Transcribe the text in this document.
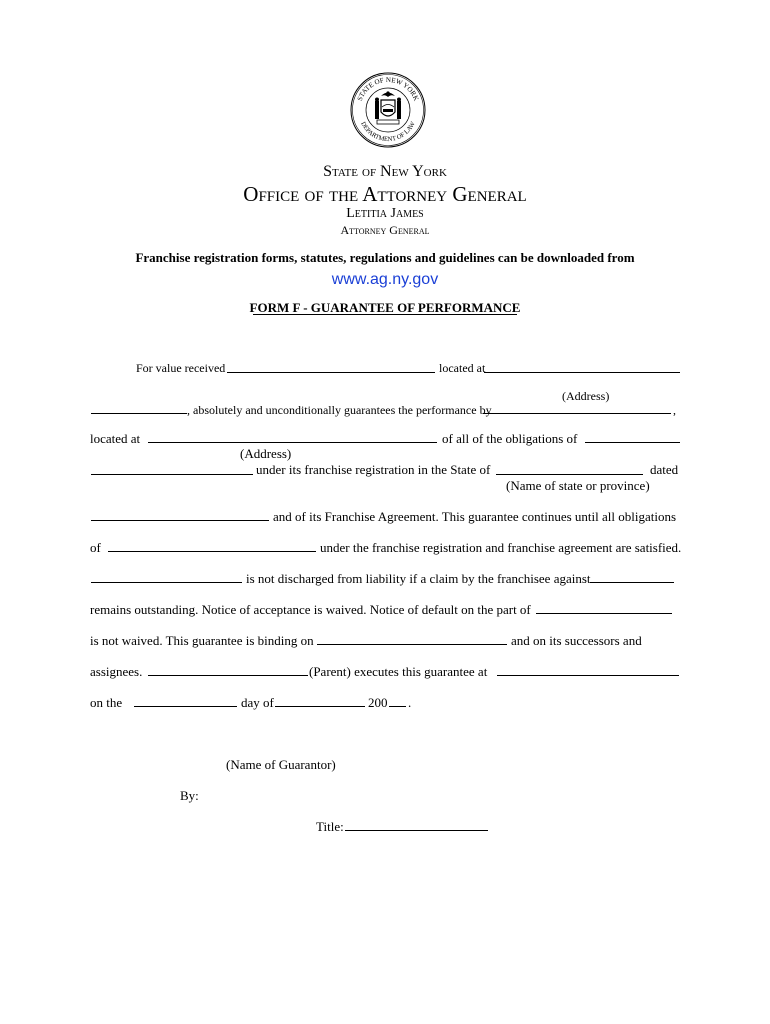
STATE OF NEW YORK
DEPARTMENT OF LAW
State of New York
Office of the Attorney General
Letitia James
Attorney General
Franchise registration forms, statutes, regulations and guidelines can be downloaded from
www.ag.ny.gov
FORM F - GUARANTEE OF PERFORMANCE
For value received	located at
(Address)
, absolutely and unconditionally guarantees the performance by	,
located at	of all of the obligations of
(Address)
under its franchise registration in the State of	dated
(Name of state or province)
and of its Franchise Agreement. This guarantee continues until all obligations
of	under the franchise registration and franchise agreement are satisfied.
is not discharged from liability if a claim by the franchisee against
remains outstanding. Notice of acceptance is waived. Notice of default on the part of
is not waived. This guarantee is binding on	and on its successors and
assignees.	(Parent) executes this guarantee at
on the	day of	200 .
(Name of Guarantor)
By:
Title:
